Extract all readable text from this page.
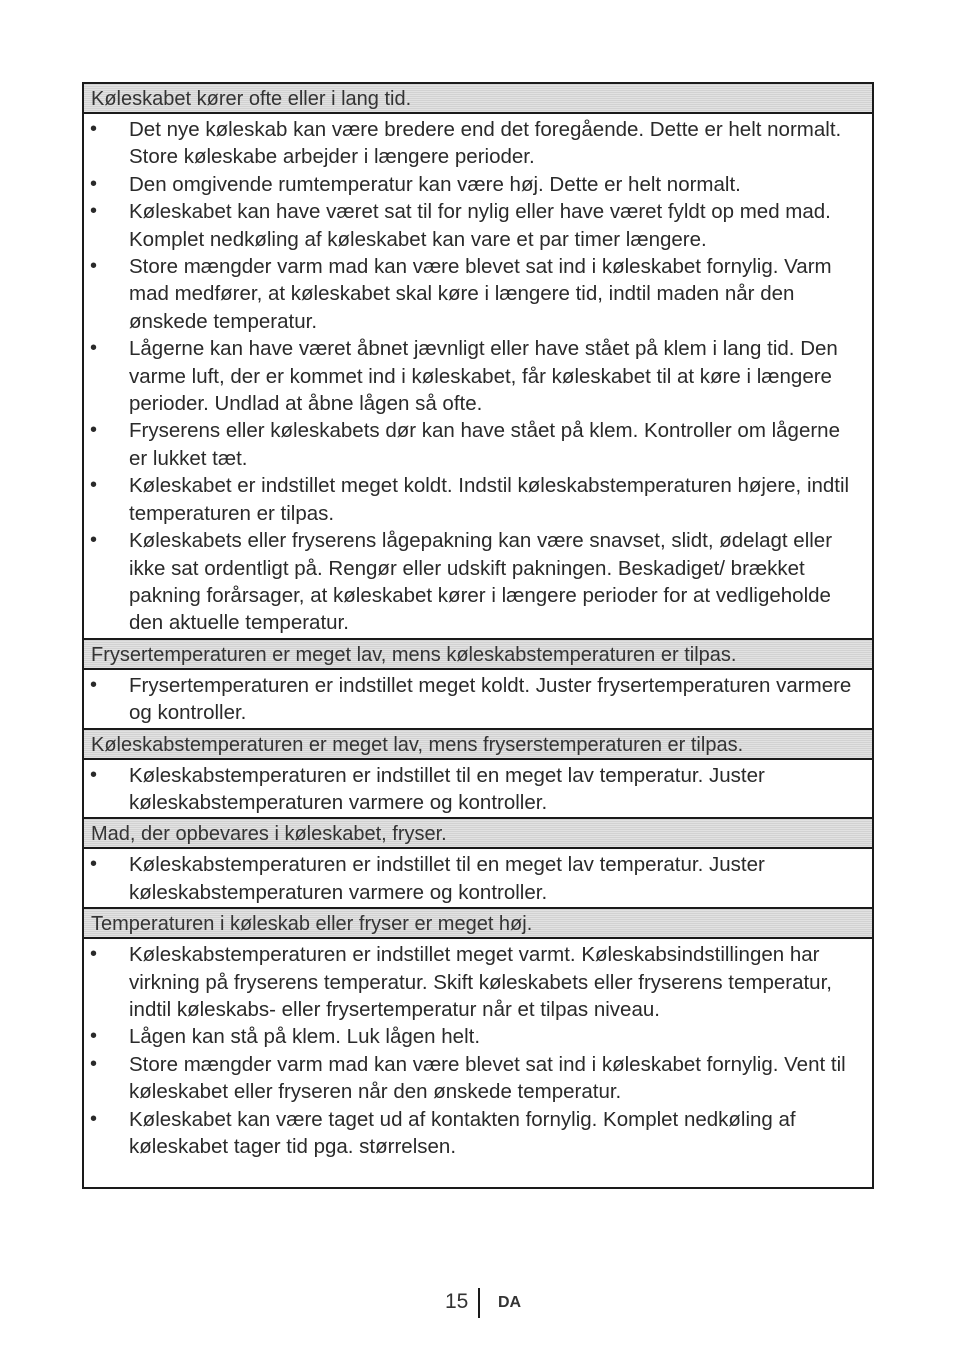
Køleskabet kører ofte eller i lang tid.
• Det nye køleskab kan være bredere end det foregående. Dette er helt normalt. Store køleskabe arbejder i længere perioder.
• Den omgivende rumtemperatur kan være høj. Dette er helt normalt.
• Køleskabet kan have været sat til for nylig eller have været fyldt op med mad. Komplet nedkøling af køleskabet kan vare et par timer længere.
• Store mængder varm mad kan være blevet sat ind i køleskabet fornylig. Varm mad medfører, at køleskabet skal køre i længere tid, indtil maden når den ønskede temperatur.
• Lågerne kan have været åbnet jævnligt eller have stået på klem i lang tid. Den varme luft, der er kommet ind i køleskabet, får køleskabet til at køre i længere perioder. Undlad at åbne lågen så ofte.
• Fryserens eller køleskabets dør kan have stået på klem. Kontroller om lågerne er lukket tæt.
• Køleskabet er indstillet meget koldt. Indstil køleskabstemperaturen højere, indtil temperaturen er tilpas.
• Køleskabets eller fryserens lågepakning kan være snavset, slidt, ødelagt eller ikke sat ordentligt på. Rengør eller udskift pakningen. Beskadiget/ brækket pakning forårsager, at køleskabet kører i længere perioder for at vedligeholde den aktuelle temperatur.
Frysertemperaturen er meget lav, mens køleskabstemperaturen er tilpas.
• Frysertemperaturen er indstillet meget koldt. Juster frysertemperaturen varmere og kontroller.
Køleskabstemperaturen er meget lav, mens fryserstemperaturen er tilpas.
• Køleskabstemperaturen er indstillet til en meget lav temperatur. Juster køleskabstemperaturen varmere og kontroller.
Mad, der opbevares i køleskabet, fryser.
• Køleskabstemperaturen er indstillet til en meget lav temperatur. Juster køleskabstemperaturen varmere og kontroller.
Temperaturen i køleskab eller fryser er meget høj.
• Køleskabstemperaturen er indstillet meget varmt. Køleskabsindstillingen har virkning på fryserens temperatur. Skift køleskabets eller fryserens temperatur, indtil køleskabs- eller frysertemperatur når et tilpas niveau.
• Lågen kan stå på klem. Luk lågen helt.
• Store mængder varm mad kan være blevet sat ind i køleskabet fornylig. Vent til køleskabet eller fryseren når den ønskede temperatur.
• Køleskabet kan være taget ud af kontakten fornylig. Komplet nedkøling af køleskabet tager tid pga. størrelsen.
15 DA
